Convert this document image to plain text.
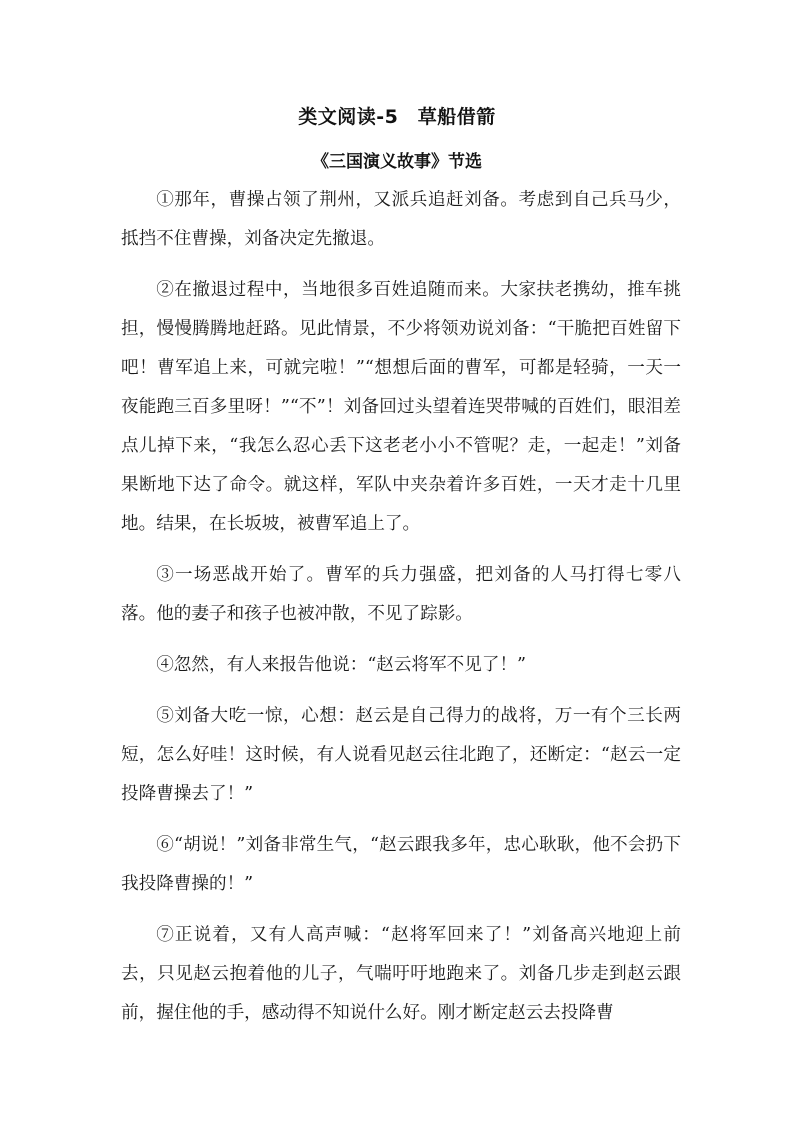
类文阅读-5　草船借箭
《三国演义故事》节选

①那年，曹操占领了荆州，又派兵追赶刘备。考虑到自己兵马少，抵挡不住曹操，刘备决定先撤退。

②在撤退过程中，当地很多百姓追随而来。大家扶老携幼，推车挑担，慢慢腾腾地赶路。见此情景，不少将领劝说刘备：“干脆把百姓留下吧！曹军追上来，可就完啦！”“想想后面的曹军，可都是轻骑，一天一夜能跑三百多里呀！”“不”！刘备回过头望着连哭带喊的百姓们，眼泪差点儿掉下来，“我怎么忍心丢下这老老小小不管呢？走，一起走！”刘备果断地下达了命令。就这样，军队中夹杂着许多百姓，一天才走十几里地。结果，在长坂坡，被曹军追上了。

③一场恶战开始了。曹军的兵力强盛，把刘备的人马打得七零八落。他的妻子和孩子也被冲散，不见了踪影。

④忽然，有人来报告他说：“赵云将军不见了！”

⑤刘备大吃一惊，心想：赵云是自己得力的战将，万一有个三长两短，怎么好哇！这时候，有人说看见赵云往北跑了，还断定：“赵云一定投降曹操去了！”

⑥“胡说！”刘备非常生气，“赵云跟我多年，忠心耿耿，他不会扔下我投降曹操的！”

⑦正说着，又有人高声喊：“赵将军回来了！”刘备高兴地迎上前去，只见赵云抱着他的儿子，气喘吁吁地跑来了。刘备几步走到赵云跟前，握住他的手，感动得不知说什么好。刚才断定赵云去投降曹
